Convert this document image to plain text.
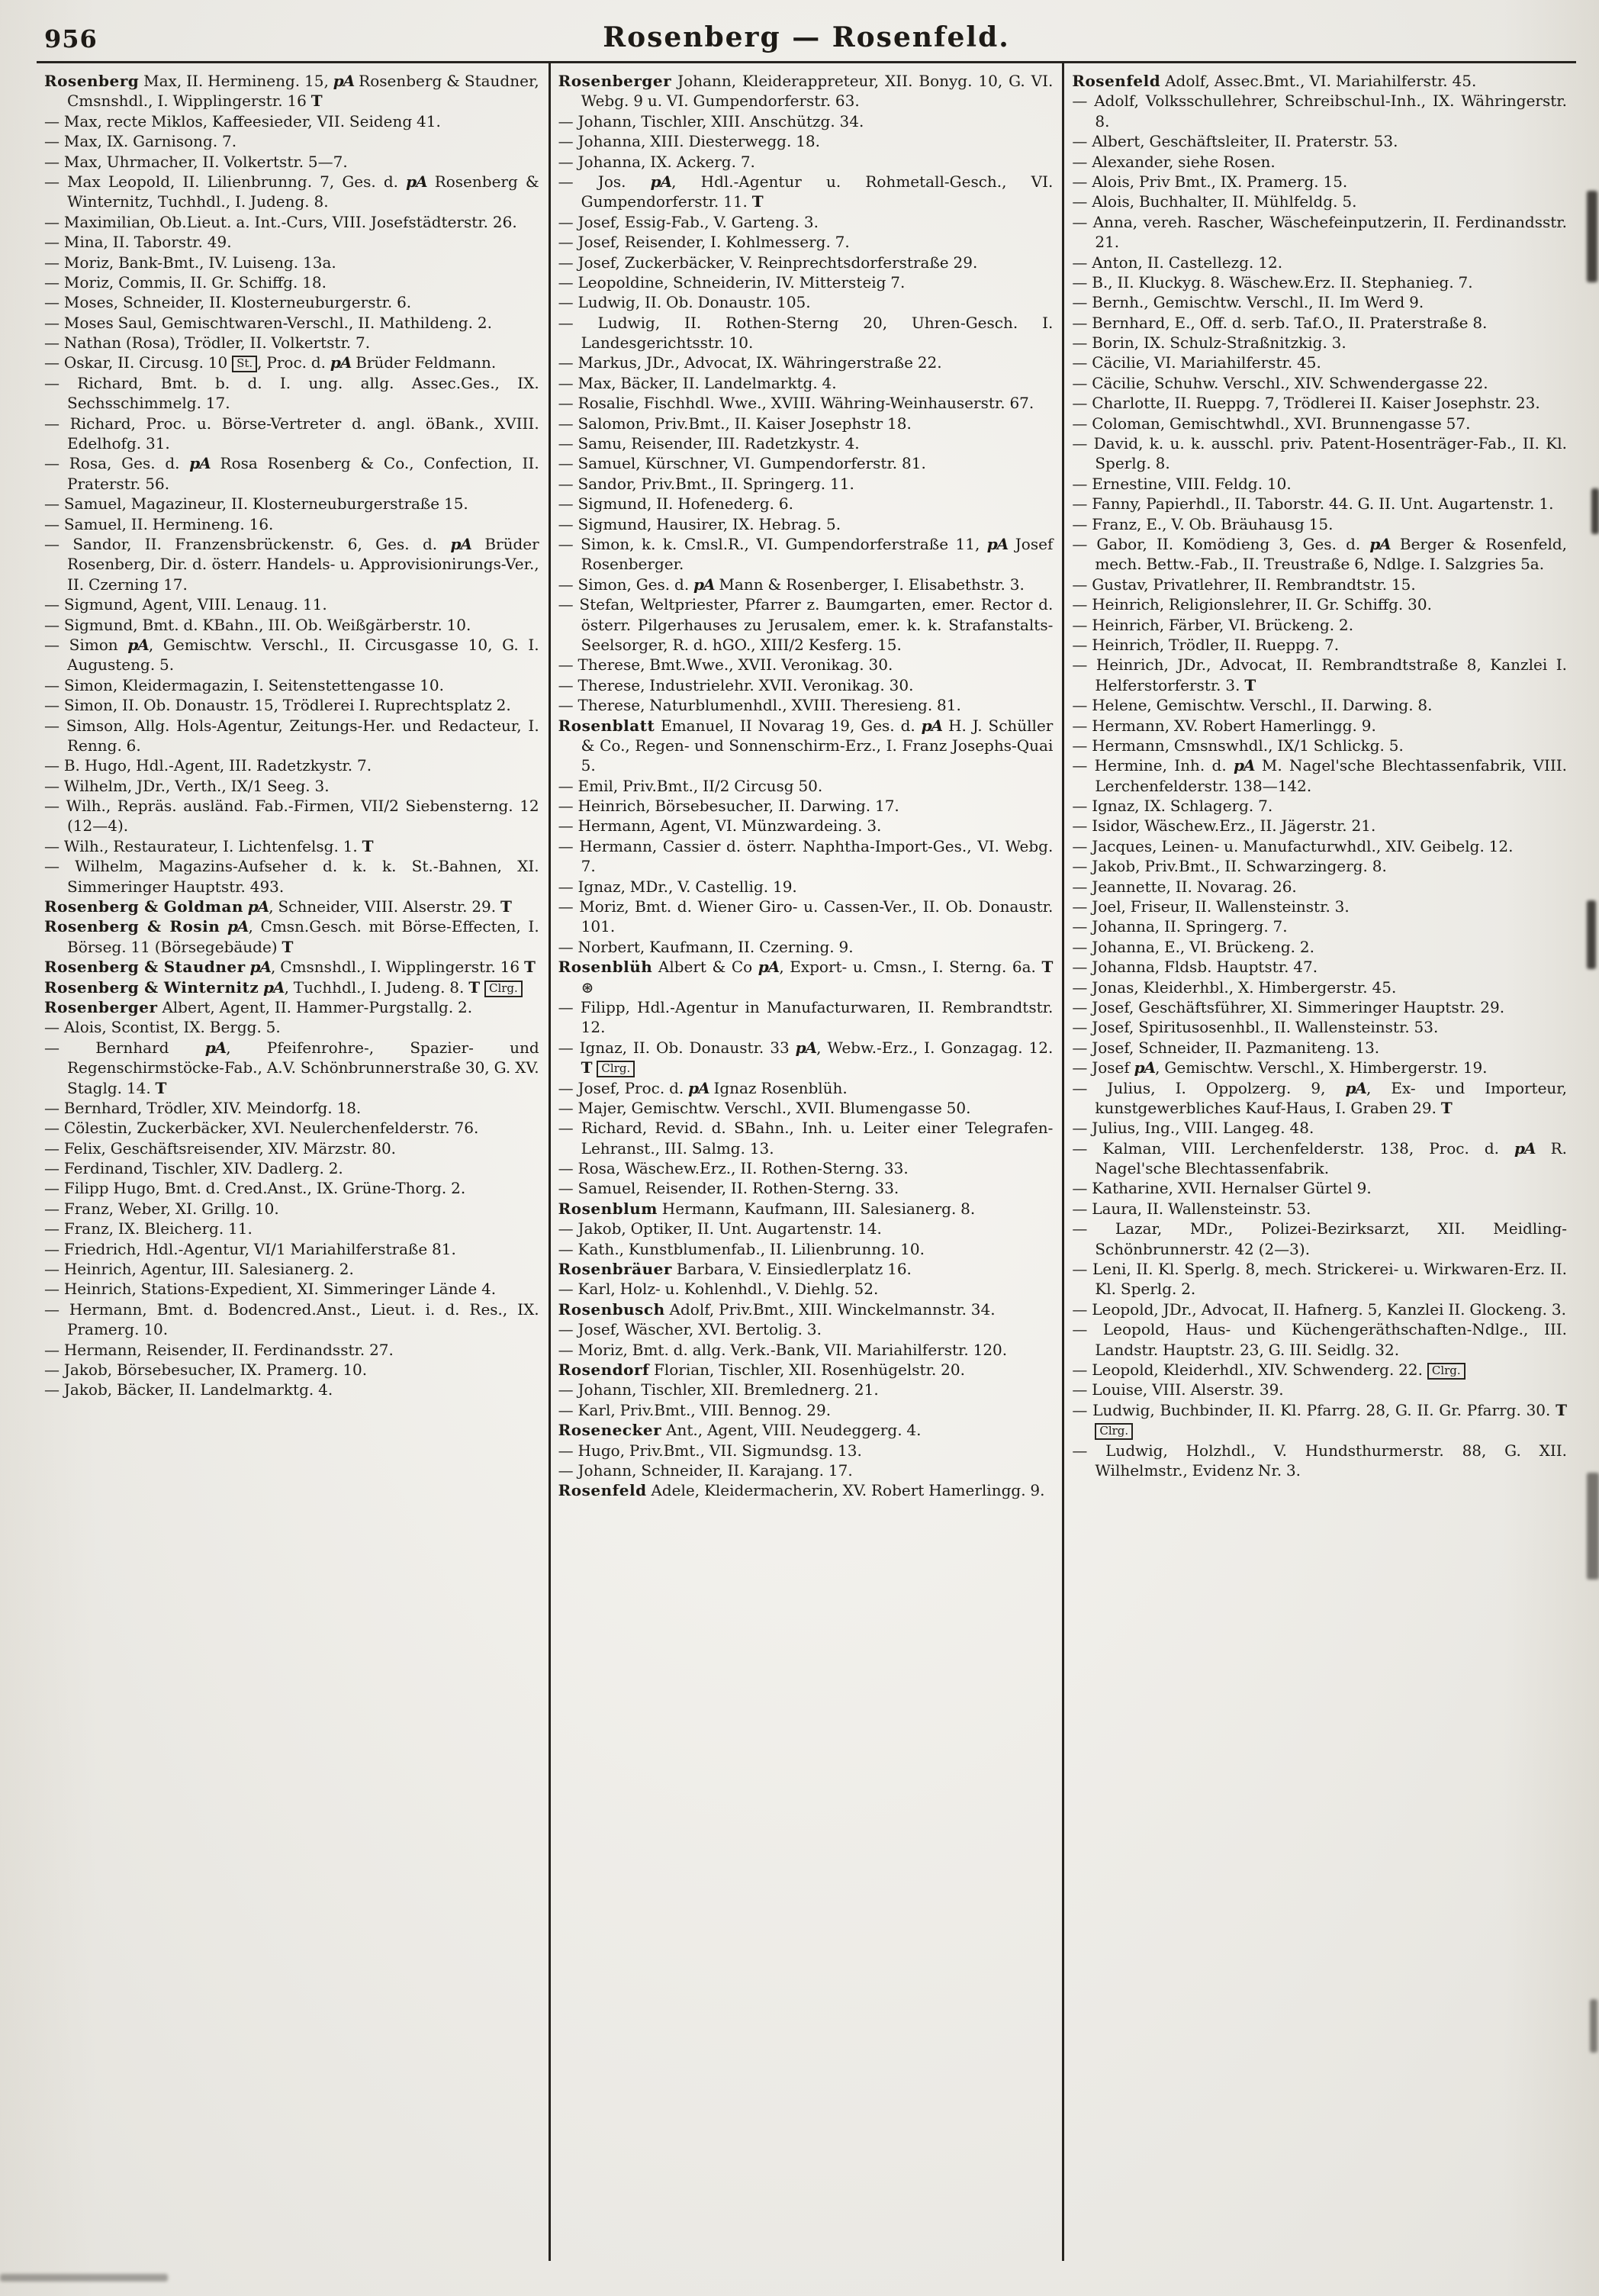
956	Rosenberg — Rosenfeld.

Rosenberg Max, II. Hermineng. 15, pA Rosenberg & Staudner, Cmsnshdl., I. Wipplingerstr. 16 T

— Max, recte Miklos, Kaffeesieder, VII. Seideng 41.

— Max, IX. Garnisong. 7.

— Max, Uhrmacher, II. Volkertstr. 5—7.

— Max Leopold, II. Lilienbrunng. 7, Ges. d. pA Rosenberg & Winternitz, Tuchhdl., I. Judeng. 8.

— Maximilian, Ob.Lieut. a. Int.-Curs, VIII. Josefstädterstr. 26.

— Mina, II. Taborstr. 49.

— Moriz, Bank-Bmt., IV. Luiseng. 13a.

— Moriz, Commis, II. Gr. Schiffg. 18.

— Moses, Schneider, II. Klosterneuburgerstr. 6.

— Moses Saul, Gemischtwaren-Verschl., II. Mathildeng. 2.

— Nathan (Rosa), Trödler, II. Volkertstr. 7.

— Oskar, II. Circusg. 10 St. , Proc. d. pA Brüder Feldmann.

— Richard, Bmt. b. d. I. ung. allg. Assec.Ges., IX. Sechsschimmelg. 17.

— Richard, Proc. u. Börse-Vertreter d. angl. öBank., XVIII. Edelhofg. 31.

— Rosa, Ges. d. pA Rosa Rosenberg & Co., Confection, II. Praterstr. 56.

— Samuel, Magazineur, II. Klosterneuburgerstraße 15.

— Samuel, II. Hermineng. 16.

— Sandor, II. Franzensbrückenstr. 6, Ges. d. pA Brüder Rosenberg, Dir. d. österr. Handels- u. Approvisionirungs-Ver., II. Czerning 17.

— Sigmund, Agent, VIII. Lenaug. 11.

— Sigmund, Bmt. d. KBahn., III. Ob. Weißgärberstr. 10.

— Simon pA, Gemischtw. Verschl., II. Circusgasse 10, G. I. Augusteng. 5.

— Simon, Kleidermagazin, I. Seitenstettengasse 10.

— Simon, II. Ob. Donaustr. 15, Trödlerei I. Ruprechtsplatz 2.

— Simson, Allg. Hols-Agentur, Zeitungs-Her. und Redacteur, I. Renng. 6.

— B. Hugo, Hdl.-Agent, III. Radetzkystr. 7.

— Wilhelm, JDr., Verth., IX/1 Seeg. 3.

— Wilh., Repräs. ausländ. Fab.-Firmen, VII/2 Siebensterng. 12 (12—4).

— Wilh., Restaurateur, I. Lichtenfelsg. 1. T

— Wilhelm, Magazins-Aufseher d. k. k. St.-Bahnen, XI. Simmeringer Hauptstr. 493.

Rosenberg & Goldman pA, Schneider, VIII. Alserstr. 29. T

Rosenberg & Rosin pA, Cmsn.Gesch. mit Börse-Effecten, I. Börseg. 11 (Börsegebäude) T

Rosenberg & Staudner pA, Cmsnshdl., I. Wipplingerstr. 16 T

Rosenberg & Winternitz pA, Tuchhdl., I. Judeng. 8. T Clrg.

Rosenberger Albert, Agent, II. Hammer-Purgstallg. 2.

— Alois, Scontist, IX. Bergg. 5.

— Bernhard pA, Pfeifenrohre-, Spazier- und Regenschirmstöcke-Fab., A.V. Schönbrunnerstraße 30, G. XV. Staglg. 14. T

— Bernhard, Trödler, XIV. Meindorfg. 18.

— Cölestin, Zuckerbäcker, XVI. Neulerchenfelderstr. 76.

— Felix, Geschäftsreisender, XIV. Märzstr. 80.

— Ferdinand, Tischler, XIV. Dadlerg. 2.

— Filipp Hugo, Bmt. d. Cred.Anst., IX. Grüne-Thorg. 2.

— Franz, Weber, XI. Grillg. 10.

— Franz, IX. Bleicherg. 11.

— Friedrich, Hdl.-Agentur, VI/1 Mariahilferstraße 81.

— Heinrich, Agentur, III. Salesianerg. 2.

— Heinrich, Stations-Expedient, XI. Simmeringer Lände 4.

— Hermann, Bmt. d. Bodencred.Anst., Lieut. i. d. Res., IX. Pramerg. 10.

— Hermann, Reisender, II. Ferdinandsstr. 27.

— Jakob, Börsebesucher, IX. Pramerg. 10.

— Jakob, Bäcker, II. Landelmarktg. 4.

Rosenberger Johann, Kleiderappreteur, XII. Bonyg. 10, G. VI. Webg. 9 u. VI. Gumpendorferstr. 63.

— Johann, Tischler, XIII. Anschützg. 34.

— Johanna, XIII. Diesterwegg. 18.

— Johanna, IX. Ackerg. 7.

— Jos. pA, Hdl.-Agentur u. Rohmetall-Gesch., VI. Gumpendorferstr. 11. T

— Josef, Essig-Fab., V. Garteng. 3.

— Josef, Reisender, I. Kohlmesserg. 7.

— Josef, Zuckerbäcker, V. Reinprechtsdorferstraße 29.

— Leopoldine, Schneiderin, IV. Mittersteig 7.

— Ludwig, II. Ob. Donaustr. 105.

— Ludwig, II. Rothen-Sterng 20, Uhren-Gesch. I. Landesgerichtsstr. 10.

— Markus, JDr., Advocat, IX. Währingerstraße 22.

— Max, Bäcker, II. Landelmarktg. 4.

— Rosalie, Fischhdl. Wwe., XVIII. Währing-Weinhauserstr. 67.

— Salomon, Priv.Bmt., II. Kaiser Josephstr 18.

— Samu, Reisender, III. Radetzkystr. 4.

— Samuel, Kürschner, VI. Gumpendorferstr. 81.

— Sandor, Priv.Bmt., II. Springerg. 11.

— Sigmund, II. Hofenederg. 6.

— Sigmund, Hausirer, IX. Hebrag. 5.

— Simon, k. k. Cmsl.R., VI. Gumpendorferstraße 11, pA Josef Rosenberger.

— Simon, Ges. d. pA Mann & Rosenberger, I. Elisabethstr. 3.

— Stefan, Weltpriester, Pfarrer z. Baumgarten, emer. Rector d. österr. Pilgerhauses zu Jerusalem, emer. k. k. Strafanstalts-Seelsorger, R. d. hGO., XIII/2 Kesferg. 15.

— Therese, Bmt.Wwe., XVII. Veronikag. 30.

— Therese, Industrielehr. XVII. Veronikag. 30.

— Therese, Naturblumenhdl., XVIII. Theresieng. 81.

Rosenblatt Emanuel, II Novarag 19, Ges. d. pA H. J. Schüller & Co., Regen- und Sonnenschirm-Erz., I. Franz Josephs-Quai 5.

— Emil, Priv.Bmt., II/2 Circusg 50.

— Heinrich, Börsebesucher, II. Darwing. 17.

— Hermann, Agent, VI. Münzwardeing. 3.

— Hermann, Cassier d. österr. Naphtha-Import-Ges., VI. Webg. 7.

— Ignaz, MDr., V. Castellig. 19.

— Moriz, Bmt. d. Wiener Giro- u. Cassen-Ver., II. Ob. Donaustr. 101.

— Norbert, Kaufmann, II. Czerning. 9.

Rosenblüh Albert & Co pA, Export- u. Cmsn., I. Sterng. 6a. T ⊛

— Filipp, Hdl.-Agentur in Manufacturwaren, II. Rembrandtstr. 12.

— Ignaz, II. Ob. Donaustr. 33 pA, Webw.-Erz., I. Gonzagag. 12. T Clrg.

— Josef, Proc. d. pA Ignaz Rosenblüh.

— Majer, Gemischtw. Verschl., XVII. Blumengasse 50.

— Richard, Revid. d. SBahn., Inh. u. Leiter einer Telegrafen-Lehranst., III. Salmg. 13.

— Rosa, Wäschew.Erz., II. Rothen-Sterng. 33.

— Samuel, Reisender, II. Rothen-Sterng. 33.

Rosenblum Hermann, Kaufmann, III. Salesianerg. 8.

— Jakob, Optiker, II. Unt. Augartenstr. 14.

— Kath., Kunstblumenfab., II. Lilienbrunng. 10.

Rosenbräuer Barbara, V. Einsiedlerplatz 16.

— Karl, Holz- u. Kohlenhdl., V. Diehlg. 52.

Rosenbusch Adolf, Priv.Bmt., XIII. Winckelmannstr. 34.

— Josef, Wäscher, XVI. Bertolig. 3.

— Moriz, Bmt. d. allg. Verk.-Bank, VII. Mariahilferstr. 120.

Rosendorf Florian, Tischler, XII. Rosenhügelstr. 20.

— Johann, Tischler, XII. Bremlednerg. 21.

— Karl, Priv.Bmt., VIII. Bennog. 29.

Rosenecker Ant., Agent, VIII. Neudeggerg. 4.

— Hugo, Priv.Bmt., VII. Sigmundsg. 13.

— Johann, Schneider, II. Karajang. 17.

Rosenfeld Adele, Kleidermacherin, XV. Robert Hamerlingg. 9.

Rosenfeld Adolf, Assec.Bmt., VI. Mariahilferstr. 45.

— Adolf, Volksschullehrer, Schreibschul-Inh., IX. Währingerstr. 8.

— Albert, Geschäftsleiter, II. Praterstr. 53.

— Alexander, siehe Rosen.

— Alois, Priv Bmt., IX. Pramerg. 15.

— Alois, Buchhalter, II. Mühlfeldg. 5.

— Anna, vereh. Rascher, Wäschefeinputzerin, II. Ferdinandsstr. 21.

— Anton, II. Castellezg. 12.

— B., II. Kluckyg. 8. Wäschew.Erz. II. Stephanieg. 7.

— Bernh., Gemischtw. Verschl., II. Im Werd 9.

— Bernhard, E., Off. d. serb. Taf.O., II. Praterstraße 8.

— Borin, IX. Schulz-Straßnitzkig. 3.

— Cäcilie, VI. Mariahilferstr. 45.

— Cäcilie, Schuhw. Verschl., XIV. Schwendergasse 22.

— Charlotte, II. Rueppg. 7, Trödlerei II. Kaiser Josephstr. 23.

— Coloman, Gemischtwhdl., XVI. Brunnengasse 57.

— David, k. u. k. ausschl. priv. Patent-Hosenträger-Fab., II. Kl. Sperlg. 8.

— Ernestine, VIII. Feldg. 10.

— Fanny, Papierhdl., II. Taborstr. 44. G. II. Unt. Augartenstr. 1.

— Franz, E., V. Ob. Bräuhausg 15.

— Gabor, II. Komödieng 3, Ges. d. pA Berger & Rosenfeld, mech. Bettw.-Fab., II. Treustraße 6, Ndlge. I. Salzgries 5a.

— Gustav, Privatlehrer, II. Rembrandtstr. 15.

— Heinrich, Religionslehrer, II. Gr. Schiffg. 30.

— Heinrich, Färber, VI. Brückeng. 2.

— Heinrich, Trödler, II. Rueppg. 7.

— Heinrich, JDr., Advocat, II. Rembrandtstraße 8, Kanzlei I. Helferstorferstr. 3. T

— Helene, Gemischtw. Verschl., II. Darwing. 8.

— Hermann, XV. Robert Hamerlingg. 9.

— Hermann, Cmsnswhdl., IX/1 Schlickg. 5.

— Hermine, Inh. d. pA M. Nagel'sche Blechtassenfabrik, VIII. Lerchenfelderstr. 138—142.

— Ignaz, IX. Schlagerg. 7.

— Isidor, Wäschew.Erz., II. Jägerstr. 21.

— Jacques, Leinen- u. Manufacturwhdl., XIV. Geibelg. 12.

— Jakob, Priv.Bmt., II. Schwarzingerg. 8.

— Jeannette, II. Novarag. 26.

— Joel, Friseur, II. Wallensteinstr. 3.

— Johanna, II. Springerg. 7.

— Johanna, E., VI. Brückeng. 2.

— Johanna, Fldsb. Hauptstr. 47.

— Jonas, Kleiderhbl., X. Himbergerstr. 45.

— Josef, Geschäftsführer, XI. Simmeringer Hauptstr. 29.

— Josef, Spiritusosenhbl., II. Wallensteinstr. 53.

— Josef, Schneider, II. Pazmaniteng. 13.

— Josef pA, Gemischtw. Verschl., X. Himbergerstr. 19.

— Julius, I. Oppolzerg. 9, pA, Ex- und Importeur, kunstgewerbliches Kauf-Haus, I. Graben 29. T

— Julius, Ing., VIII. Langeg. 48.

— Kalman, VIII. Lerchenfelderstr. 138, Proc. d. pA R. Nagel'sche Blechtassenfabrik.

— Katharine, XVII. Hernalser Gürtel 9.

— Laura, II. Wallensteinstr. 53.

— Lazar, MDr., Polizei-Bezirksarzt, XII. Meidling-Schönbrunnerstr. 42 (2—3).

— Leni, II. Kl. Sperlg. 8, mech. Strickerei- u. Wirkwaren-Erz. II. Kl. Sperlg. 2.

— Leopold, JDr., Advocat, II. Hafnerg. 5, Kanzlei II. Glockeng. 3.

— Leopold, Haus- und Küchengeräthschaften-Ndlge., III. Landstr. Hauptstr. 23, G. III. Seidlg. 32.

— Leopold, Kleiderhdl., XIV. Schwenderg. 22. Clrg.

— Louise, VIII. Alserstr. 39.

— Ludwig, Buchbinder, II. Kl. Pfarrg. 28, G. II. Gr. Pfarrg. 30. T Clrg.

— Ludwig, Holzhdl., V. Hundsthurmerstr. 88, G. XII. Wilhelmstr., Evidenz Nr. 3.
